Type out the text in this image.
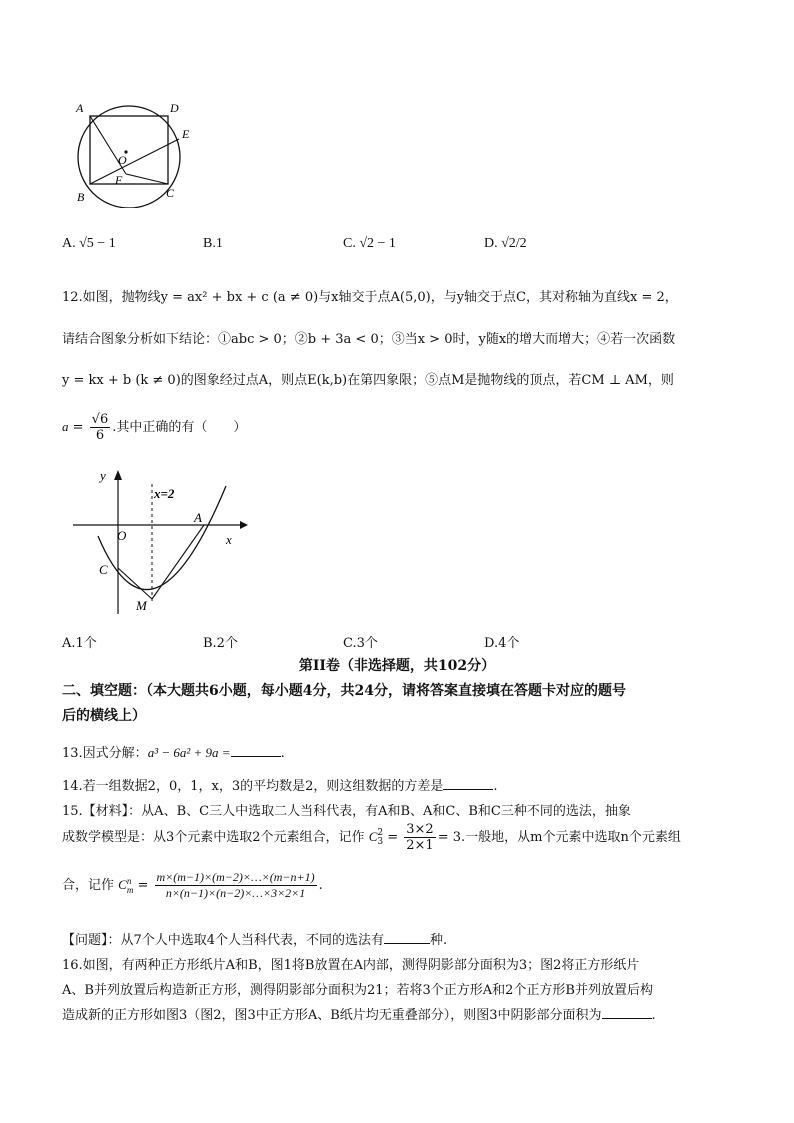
A	D
E
O
F
B	C
A. √5 − 1	B.1	C. √2 − 1	D. √2/2
12.如图，抛物线y = ax² + bx + c (a ≠ 0)与x轴交于点A(5,0)，与y轴交于点C，其对称轴为直线x = 2，
请结合图象分析如下结论：①abc > 0；②b + 3a < 0；③当x > 0时，y随x的增大而增大；④若一次函数
y = kx + b (k ≠ 0)的图象经过点A，则点E(k,b)在第四象限；⑤点M是抛物线的顶点，若CM ⊥ AM，则
$a = \frac{√6}{6}$ .其中正确的有（　　）
y
x=2
A
O	x
C
M
A.1个	B.2个	C.3个	D.4个
第II卷（非选择题，共102分）
二、填空题：（本大题共6小题，每小题4分，共24分，请将答案直接填在答题卡对应的题号
后的横线上）
13.因式分解：a³ − 6a² + 9a =	.
14.若一组数据2，0，1，x，3的平均数是2，则这组数据的方差是	.
15.【材料】：从A、B、C三人中选取二人当科代表，有A和B、A和C、B和C三种不同的选法，抽象
成数学模型是：从3个元素中选取2个元素组合，记作 C 2
$3 = \frac{3\times 2}{2\times 1} = 3$.一般地，从m个元素中选取n个元素组
合，记作 C n
$m = \frac{m\times(m-1)\times(m-2)\times\dots\times(m-n+1)}{n\times(n-1)\times(n-2)\times\dots\times 3\times 2\times 1}$ .
【问题】：从7个人中选取4个人当科代表，不同的选法有	种.
16.如图，有两种正方形纸片A和B，图1将B放置在A内部，测得阴影部分面积为3；图2将正方形纸片
A、B并列放置后构造新正方形，测得阴影部分面积为21；若将3个正方形A和2个正方形B并列放置后构
造成新的正方形如图3（图2，图3中正方形A、B纸片均无重叠部分），则图3中阴影部分面积为	.
